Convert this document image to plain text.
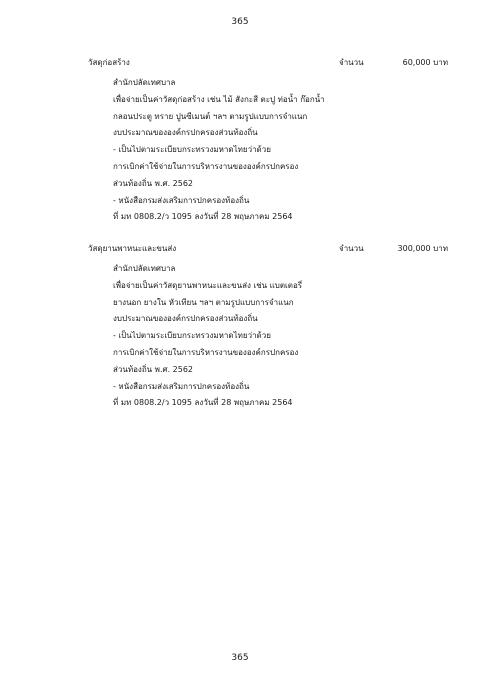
365
วัสดุก่อสร้าง	จำนวน	60,000 บาท
สำนักปลัดเทศบาล
เพื่อจ่ายเป็นค่าวัสดุก่อสร้าง เช่น ไม้ สังกะสี ตะปู ท่อน้ำ ก๊อกน้ำ
กลอนประตู ทราย ปูนซีเมนต์ ฯลฯ ตามรูปแบบการจำแนก
งบประมาณขององค์กรปกครองส่วนท้องถิ่น
- เป็นไปตามระเบียบกระทรวงมหาดไทยว่าด้วย
การเบิกค่าใช้จ่ายในการบริหารงานขององค์กรปกครอง
ส่วนท้องถิ่น พ.ศ. 2562
- หนังสือกรมส่งเสริมการปกครองท้องถิ่น
ที่ มท 0808.2/ว 1095 ลงวันที่ 28 พฤษภาคม 2564
วัสดุยานพาหนะและขนส่ง	จำนวน	300,000 บาท
สำนักปลัดเทศบาล
เพื่อจ่ายเป็นค่าวัสดุยานพาหนะและขนส่ง เช่น แบตเตอรี่
ยางนอก ยางใน หัวเทียน ฯลฯ ตามรูปแบบการจำแนก
งบประมาณขององค์กรปกครองส่วนท้องถิ่น
- เป็นไปตามระเบียบกระทรวงมหาดไทยว่าด้วย
การเบิกค่าใช้จ่ายในการบริหารงานขององค์กรปกครอง
ส่วนท้องถิ่น พ.ศ. 2562
- หนังสือกรมส่งเสริมการปกครองท้องถิ่น
ที่ มท 0808.2/ว 1095 ลงวันที่ 28 พฤษภาคม 2564
365
